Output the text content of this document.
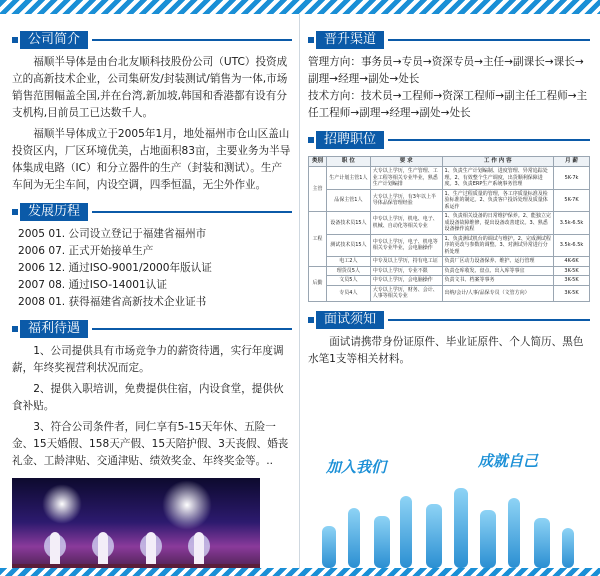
公司简介

福顺半导体是由台北友顺科技股份公司（UTC）投资成立的高新技术企业，公司集研发/封装测试/销售为一体,市场销售范围幅盖全国,并在台湾,新加坡,韩国和香港都有设有分支机构,目前员工已达数千人。

福顺半导体成立于2005年1月，地处福州市仓山区盖山投资区内，厂区环境优美，占地面积83亩，主要业务为半导体集成电路（IC）和分立器件的生产（封装和测试）。生产车间为无尘车间，内设空调，四季恒温，无尘外作业。

发展历程
2005 01. 公司设立登记于福建省福州市
2006 07. 正式开始接单生产
2006 12. 通过ISO-9001/2000年版认证
2007 08. 通过ISO-14001认证
2008 01. 获得福建省高新技术企业证书
福利待遇

1、公司提供具有市场竞争力的薪资待遇，实行年度调薪，年终奖视营利状况而定。

2、提供入职培训，免费提供住宿，内设食堂，提供伙食补贴。

3、符合公司条件者，同仁享有5-15天年休、五险一金、15天婚假、158天产假、15天陪护假、3天丧假、婚丧礼金、工龄津贴、交通津贴、绩效奖金、年终奖金等。..

晋升渠道

管理方向：事务员→专员→资深专员→主任→副课长→课长→副理→经理→副处→处长

技术方向：技术员→工程师→资深工程师→副主任工程师→主任工程师→副理→经理→副处→处长

招聘职位
类别	职 位	要 求	工 作 内 容	月 薪
主管	生产计划主管1人	大专以上学历，生产管理、工业工程等相关专业毕业，熟悉生产计划编排	1、负责生产计划编制、进度管理、异常追踪处理。2、有效整个生产调度，出货顺利保障进度。3、负责ERP生产系统事务管理	5K-7k
	品保主管1人	大专以上学历，有3年以上半导体品保管理经验	1、生产过程质量的管理，各工序质量标准及检验标准的制定。2、负责客户投诉处理及质量体系运作	5K-7K
工程	设备技术员15人	中专以上学历，机电、电子、机械、自动化等相关专业	1、负责相关设备的日常维护保养。2、能独立完成设备故障维修，提出设备改善建议。3、熟悉设备操作流程	3.5k-6.5k
	测试技术员15人	中专以上学历，电子、机电等相关专业毕业，会电脑操作	1、负责测试机台的调试与维护。2、完成测试程序的更改与参数的调整。3、对测试异常进行分析处理	3.5k-6.5k
	电工2人	中专及以上学历，持有电工证	负责厂区动力设备保养、维护、运行管理	4K-6K
后勤	理货员5人	中专以上学历，专业不限	负责仓库收发、盘点、出入库等事宜	3K-5K
	文员5人	中专以上学历，会电脑操作	负责文书、档案等事务	3K-5K
	专员4人	大专以上学历，财务、会计、人事等相关专业	出纳/会计/人事/品保专员（文管方向）	3K-5K
面试须知

面试请携带身份证原件、毕业证原件、个人简历、黑色水笔1支等相关材料。

加入我们	成就自己
